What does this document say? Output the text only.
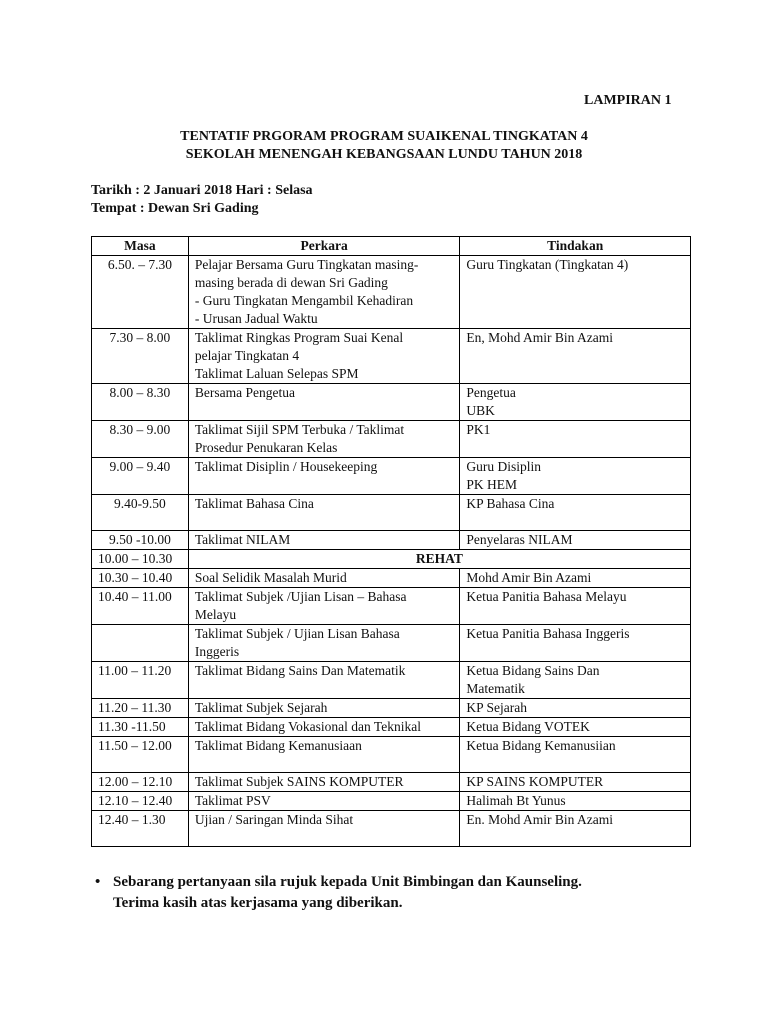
LAMPIRAN 1
TENTATIF PRGORAM PROGRAM SUAIKENAL TINGKATAN 4
SEKOLAH MENENGAH KEBANGSAAN LUNDU TAHUN 2018
Tarikh : 2 Januari 2018 Hari : Selasa
Tempat : Dewan Sri Gading
Masa	Perkara	Tindakan
6.50. – 7.30	Pelajar Bersama Guru Tingkatan masing-
masing berada di dewan Sri Gading
- Guru Tingkatan Mengambil Kehadiran
- Urusan Jadual Waktu	Guru Tingkatan (Tingkatan 4)

7.30 – 8.00	Taklimat Ringkas Program Suai Kenal
pelajar Tingkatan 4
Taklimat Laluan Selepas SPM	En, Mohd Amir Bin Azami

8.00 – 8.30	Bersama Pengetua	Pengetua
UBK

8.30 – 9.00	Taklimat Sijil SPM Terbuka / Taklimat
Prosedur Penukaran Kelas	PK1

9.00 – 9.40	Taklimat Disiplin / Housekeeping	Guru Disiplin
PK HEM

9.40-9.50	Taklimat Bahasa Cina	KP Bahasa Cina

9.50 -10.00	Taklimat NILAM	Penyelaras NILAM

10.00 – 10.30	REHAT	
10.30 – 10.40	Soal Selidik Masalah Murid	Mohd Amir Bin Azami

10.40 – 11.00	Taklimat Subjek /Ujian Lisan – Bahasa
Melayu	Ketua Panitia Bahasa Melayu

	Taklimat Subjek / Ujian Lisan Bahasa
Inggeris	Ketua Panitia Bahasa Inggeris

11.00 – 11.20	Taklimat Bidang Sains Dan Matematik	Ketua Bidang Sains Dan
Matematik

11.20 – 11.30	Taklimat Subjek Sejarah	KP Sejarah

11.30 -11.50	Taklimat Bidang Vokasional dan Teknikal	Ketua Bidang VOTEK

11.50 – 12.00	Taklimat Bidang Kemanusiaan	Ketua Bidang Kemanusiian

12.00 – 12.10	Taklimat Subjek SAINS KOMPUTER	KP SAINS KOMPUTER

12.10 – 12.40	Taklimat PSV	Halimah Bt Yunus

12.40 – 1.30	Ujian / Saringan Minda Sihat	En. Mohd Amir Bin Azami
• Sebarang pertanyaan sila rujuk kepada Unit Bimbingan dan Kaunseling.
Terima kasih atas kerjasama yang diberikan.
